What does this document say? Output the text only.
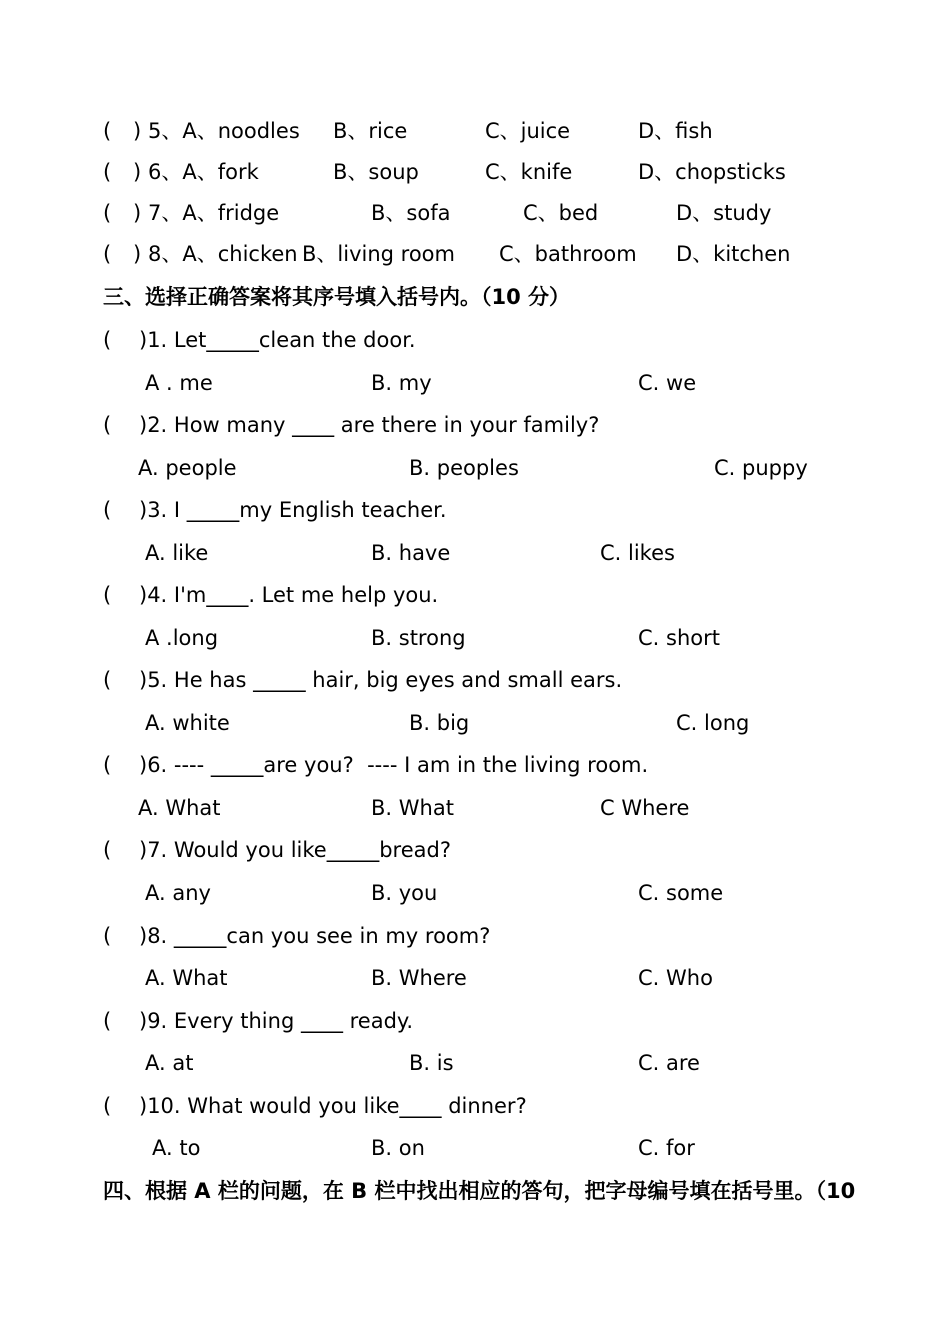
( ) 5、A、noodles B、rice	C、juice	D、fish
( ) 6、A、fork	B、soup	C、knife	D、chopsticks
( ) 7、A、fridge	B、sofa	C、bed	D、study
( ) 8、A、chicken B、living room C、bathroom D、kitchen
三、选择正确答案将其序号填入括号内。（10 分）
( )1. Let_____clean the door.
A . me	B. my	C. we
( )2. How many ____ are there in your family?
A. people	B. peoples	C. puppy
( )3. I _____my English teacher.
A. like	B. have	C. likes
( )4. I'm____. Let me help you.
A .long	B. strong	C. short
( )5. He has _____ hair, big eyes and small ears.
A. white	B. big	C. long
( )6. ---- _____are you?  ---- I am in the living room.
A. What	B. What	C Where
( )7. Would you like_____bread?
A. any	B. you	C. some
( )8. _____can you see in my room?
A. What	B. Where	C. Who
( )9. Every thing ____ ready.
A. at	B. is	C. are
( )10. What would you like____ dinner?
A. to	B. on	C. for
四、根据 A 栏的问题，在 B 栏中找出相应的答句，把字母编号填在括号里。（10
